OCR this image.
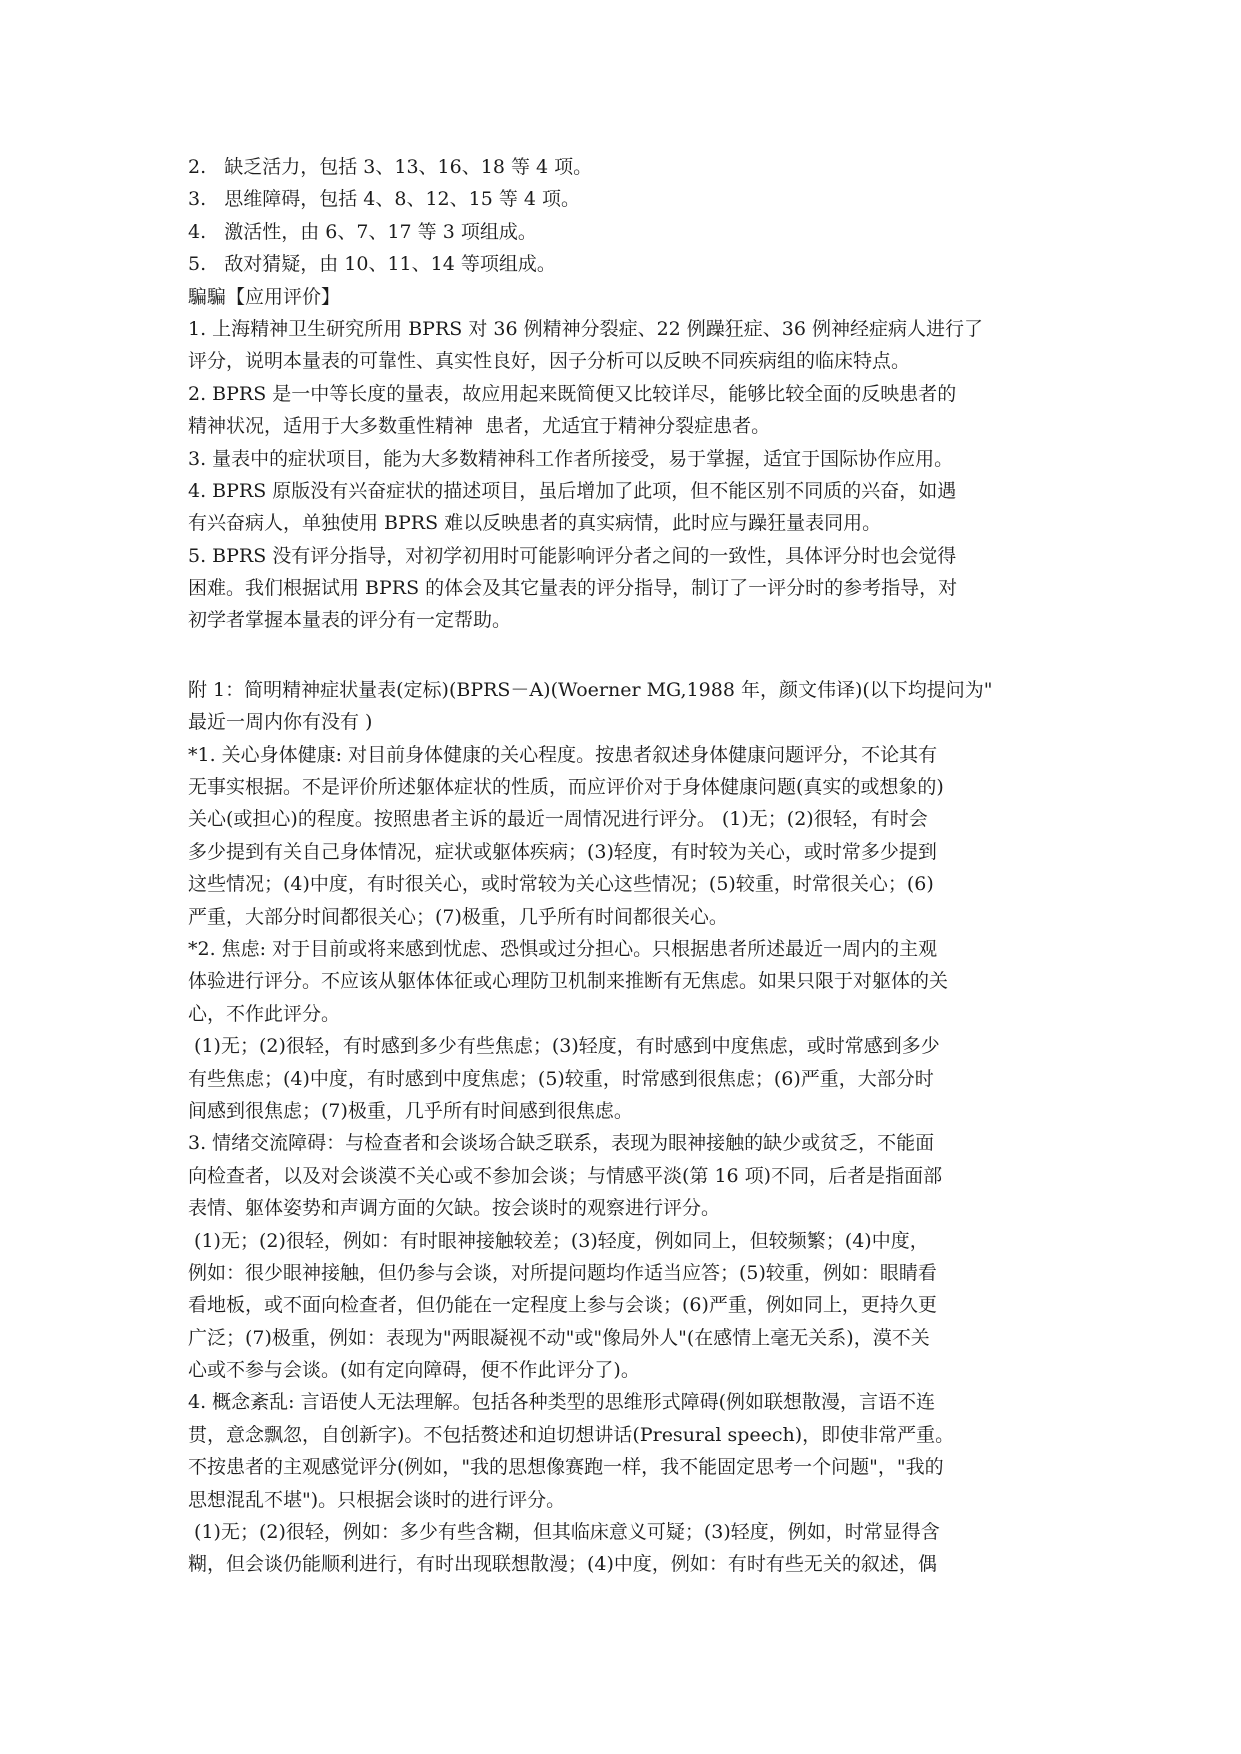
2.   缺乏活力，包括 3、13、16、18 等 4 项。
3.   思维障碍，包括 4、8、12、15 等 4 项。
4.   激活性，由 6、7、17 等 3 项组成。
5.   敌对猜疑，由 10、11、14 等项组成。
騙騙【应用评价】
1. 上海精神卫生研究所用 BPRS 对 36 例精神分裂症、22 例躁狂症、36 例神经症病人进行了
评分，说明本量表的可靠性、真实性良好，因子分析可以反映不同疾病组的临床特点。
2. BPRS 是一中等长度的量表，故应用起来既简便又比较详尽，能够比较全面的反映患者的
精神状况，适用于大多数重性精神  患者，尤适宜于精神分裂症患者。
3. 量表中的症状项目，能为大多数精神科工作者所接受，易于掌握，适宜于国际协作应用。
4. BPRS 原版没有兴奋症状的描述项目，虽后增加了此项，但不能区别不同质的兴奋，如遇
有兴奋病人，单独使用 BPRS 难以反映患者的真实病情，此时应与躁狂量表同用。
5. BPRS 没有评分指导，对初学初用时可能影响评分者之间的一致性，具体评分时也会觉得
困难。我们根据试用 BPRS 的体会及其它量表的评分指导，制订了一评分时的参考指导，对
初学者掌握本量表的评分有一定帮助。
附 1：简明精神症状量表(定标)(BPRS－A)(Woerner MG,1988 年，颜文伟译)(以下均提问为"
最近一周内你有没有 )
*1. 关心身体健康: 对目前身体健康的关心程度。按患者叙述身体健康问题评分，不论其有
无事实根据。不是评价所述躯体症状的性质，而应评价对于身体健康问题(真实的或想象的)
关心(或担心)的程度。按照患者主诉的最近一周情况进行评分。 (1)无；(2)很轻，有时会
多少提到有关自己身体情况，症状或躯体疾病；(3)轻度，有时较为关心，或时常多少提到
这些情况；(4)中度，有时很关心，或时常较为关心这些情况；(5)较重，时常很关心；(6)
严重，大部分时间都很关心；(7)极重，几乎所有时间都很关心。
*2. 焦虑: 对于目前或将来感到忧虑、恐惧或过分担心。只根据患者所述最近一周内的主观
体验进行评分。不应该从躯体体征或心理防卫机制来推断有无焦虑。如果只限于对躯体的关
心，不作此评分。
(1)无；(2)很轻，有时感到多少有些焦虑；(3)轻度，有时感到中度焦虑，或时常感到多少
有些焦虑；(4)中度，有时感到中度焦虑；(5)较重，时常感到很焦虑；(6)严重，大部分时
间感到很焦虑；(7)极重，几乎所有时间感到很焦虑。
3. 情绪交流障碍：与检查者和会谈场合缺乏联系，表现为眼神接触的缺少或贫乏，不能面
向检查者，以及对会谈漠不关心或不参加会谈；与情感平淡(第 16 项)不同，后者是指面部
表情、躯体姿势和声调方面的欠缺。按会谈时的观察进行评分。
(1)无；(2)很轻，例如：有时眼神接触较差；(3)轻度，例如同上，但较频繁；(4)中度，
例如：很少眼神接触，但仍参与会谈，对所提问题均作适当应答；(5)较重，例如：眼睛看
看地板，或不面向检查者，但仍能在一定程度上参与会谈；(6)严重，例如同上，更持久更
广泛；(7)极重，例如：表现为"两眼凝视不动"或"像局外人"(在感情上毫无关系)，漠不关
心或不参与会谈。(如有定向障碍，便不作此评分了)。
4. 概念紊乱: 言语使人无法理解。包括各种类型的思维形式障碍(例如联想散漫，言语不连
贯，意念飘忽，自创新字)。不包括赘述和迫切想讲话(Presural speech)，即使非常严重。
不按患者的主观感觉评分(例如，"我的思想像赛跑一样，我不能固定思考一个问题"，"我的
思想混乱不堪")。只根据会谈时的进行评分。
(1)无；(2)很轻，例如：多少有些含糊，但其临床意义可疑；(3)轻度，例如，时常显得含
糊，但会谈仍能顺利进行，有时出现联想散漫；(4)中度，例如：有时有些无关的叙述，偶
